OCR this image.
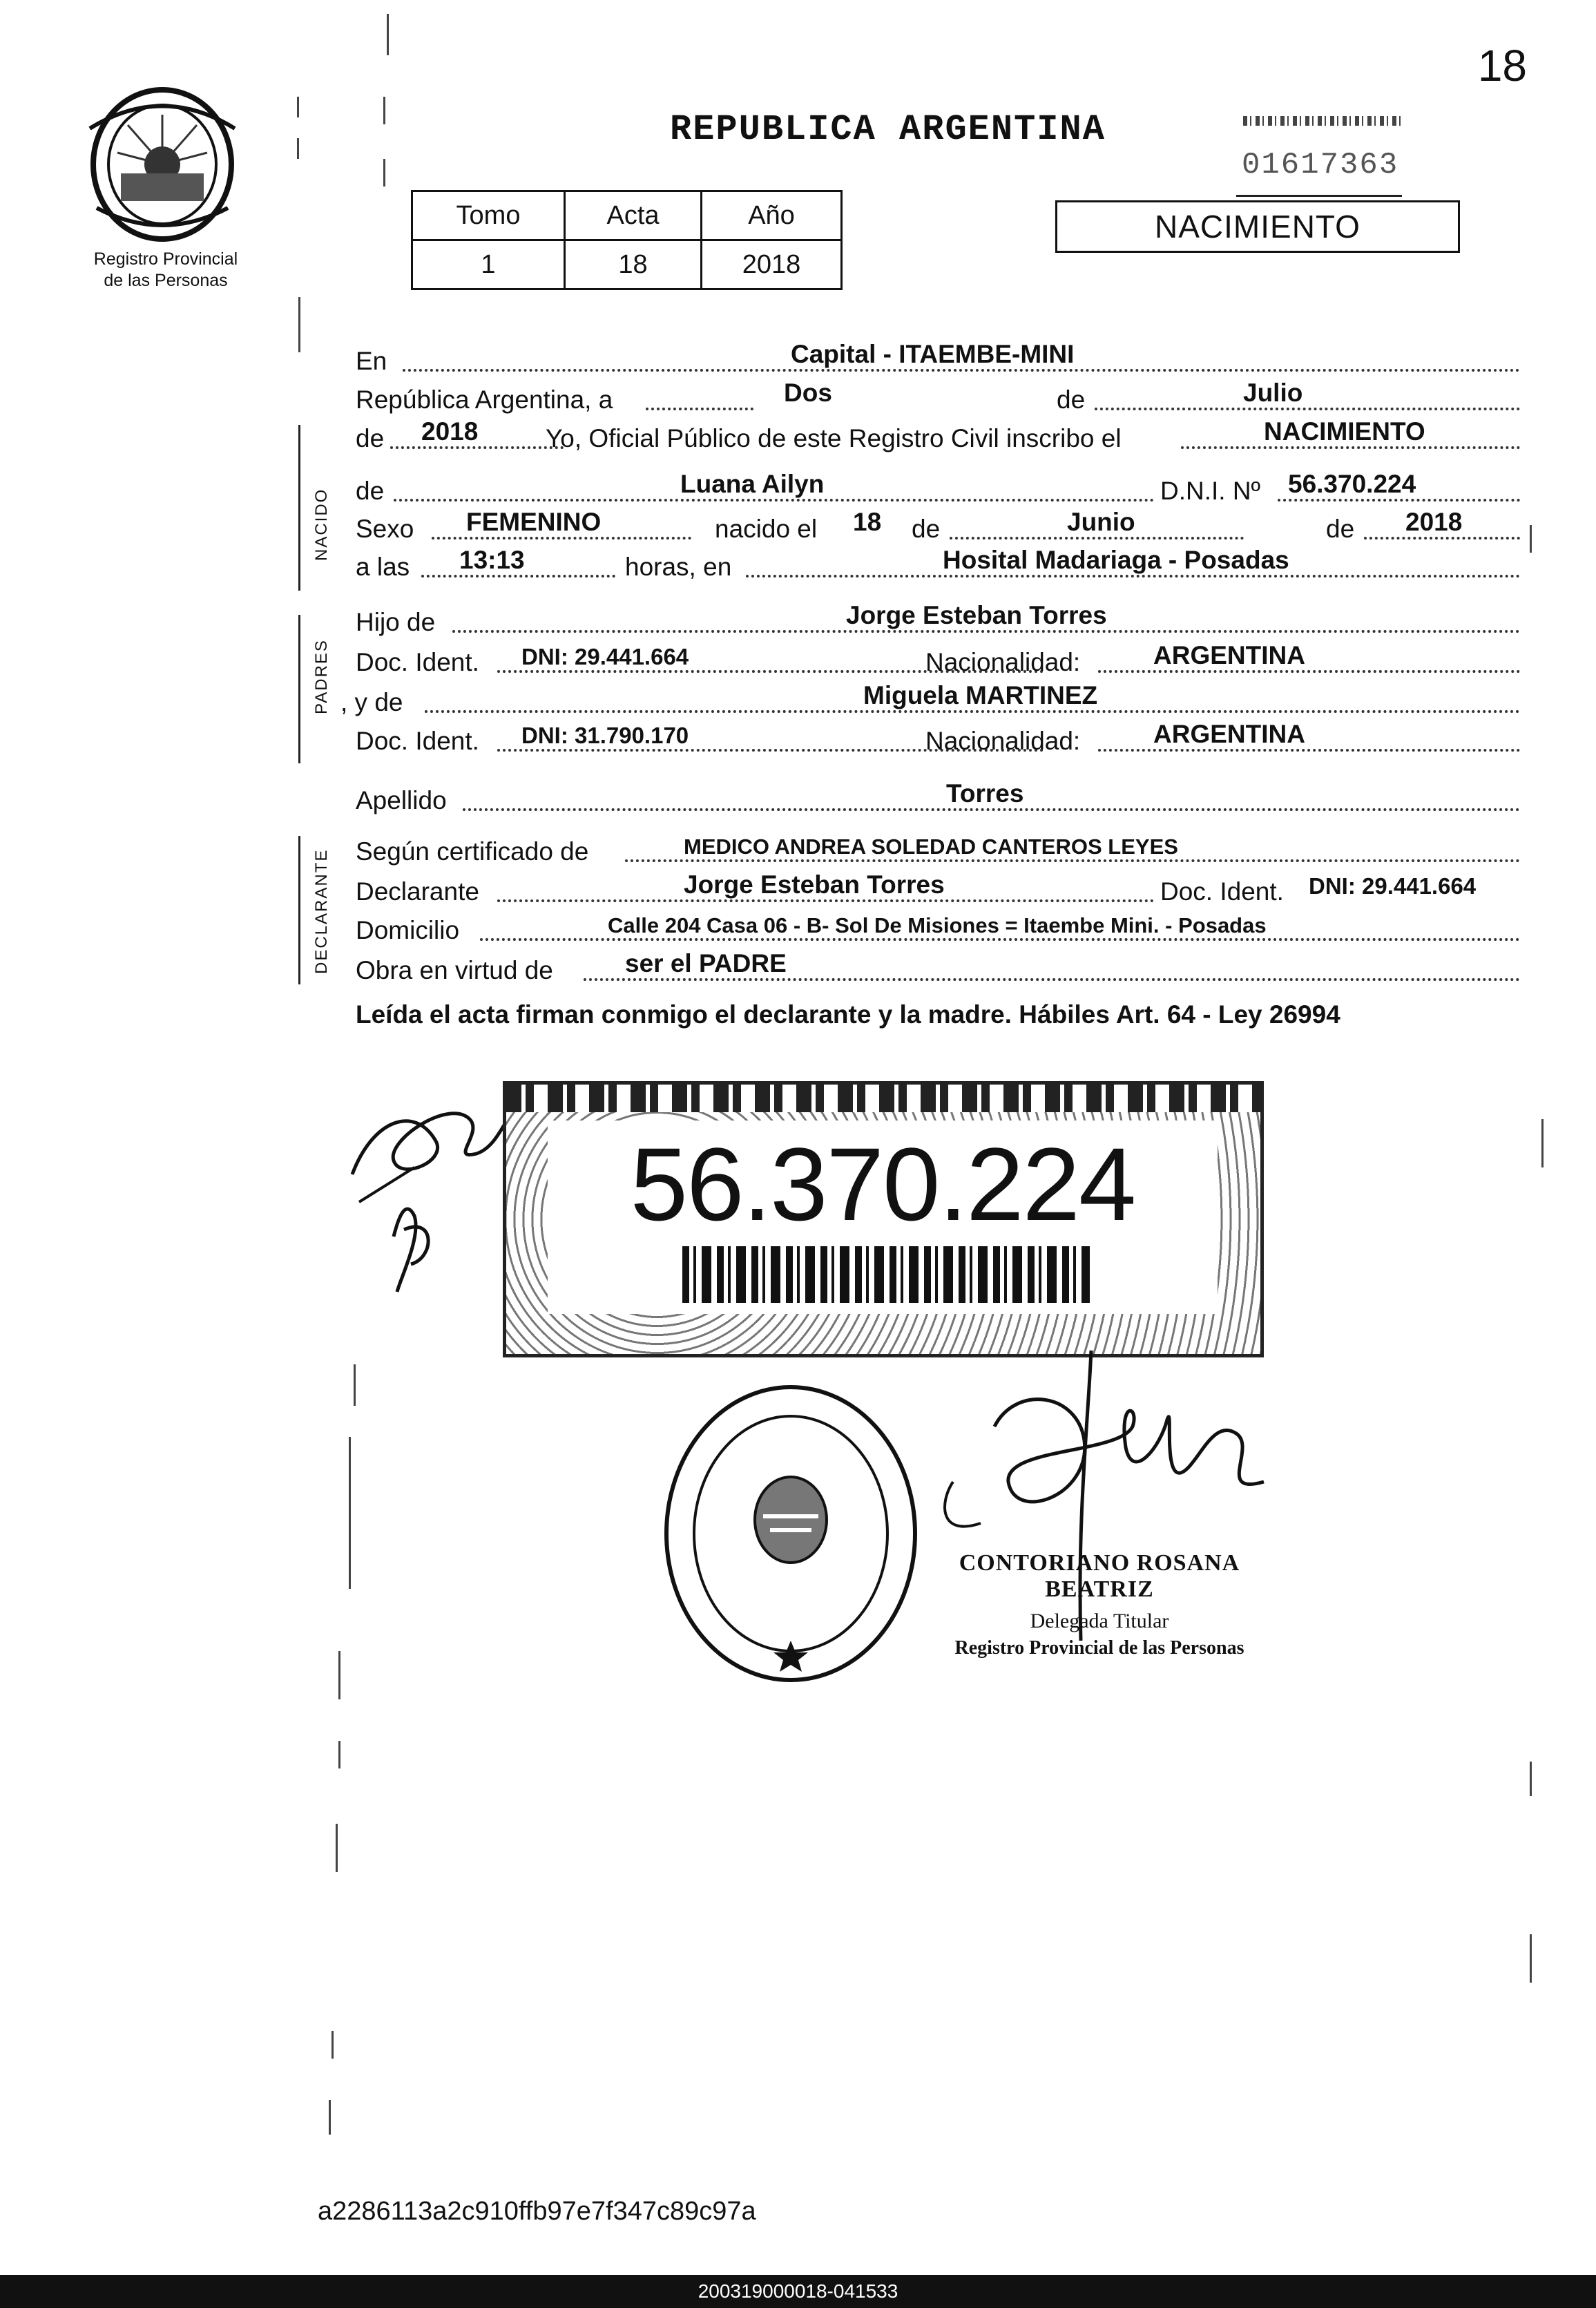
18
01617363
Registro Provincial
de las Personas
REPUBLICA ARGENTINA
Tomo	Acta	Año
1	18	2018
NACIMIENTO
NACIDO
PADRES
DECLARANTE
En	Capital - ITAEMBE-MINI
República Argentina, a	Dos	de	Julio
de 2018	Yo, Oficial Público de este Registro Civil inscribo el	NACIMIENTO
de	Luana Ailyn	D.N.I. Nº 56.370.224
Sexo FEMENINO	nacido el 18 de	Junio	de 2018
a las 13:13	horas, en	Hosital Madariaga - Posadas
Hijo de	Jorge Esteban Torres
Doc. Ident. DNI: 29.441.664	Nacionalidad:	ARGENTINA
, y de	Miguela MARTINEZ
Doc. Ident. DNI: 31.790.170	Nacionalidad:	ARGENTINA
Apellido	Torres
Según certificado de	MEDICO ANDREA SOLEDAD CANTEROS LEYES
Declarante	Jorge Esteban Torres	Doc. Ident. DNI: 29.441.664
Domicilio	Calle 204 Casa 06 - B- Sol De Misiones = Itaembe Mini. - Posadas
Obra en virtud de	ser el PADRE
Leída el acta firman conmigo el declarante y la madre. Hábiles Art. 64 - Ley 26994
56.370.224
CONTORIANO ROSANA BEATRIZ
Delegada Titular
Registro Provincial de las Personas
a2286113a2c910ffb97e7f347c89c97a
200319000018-041533
